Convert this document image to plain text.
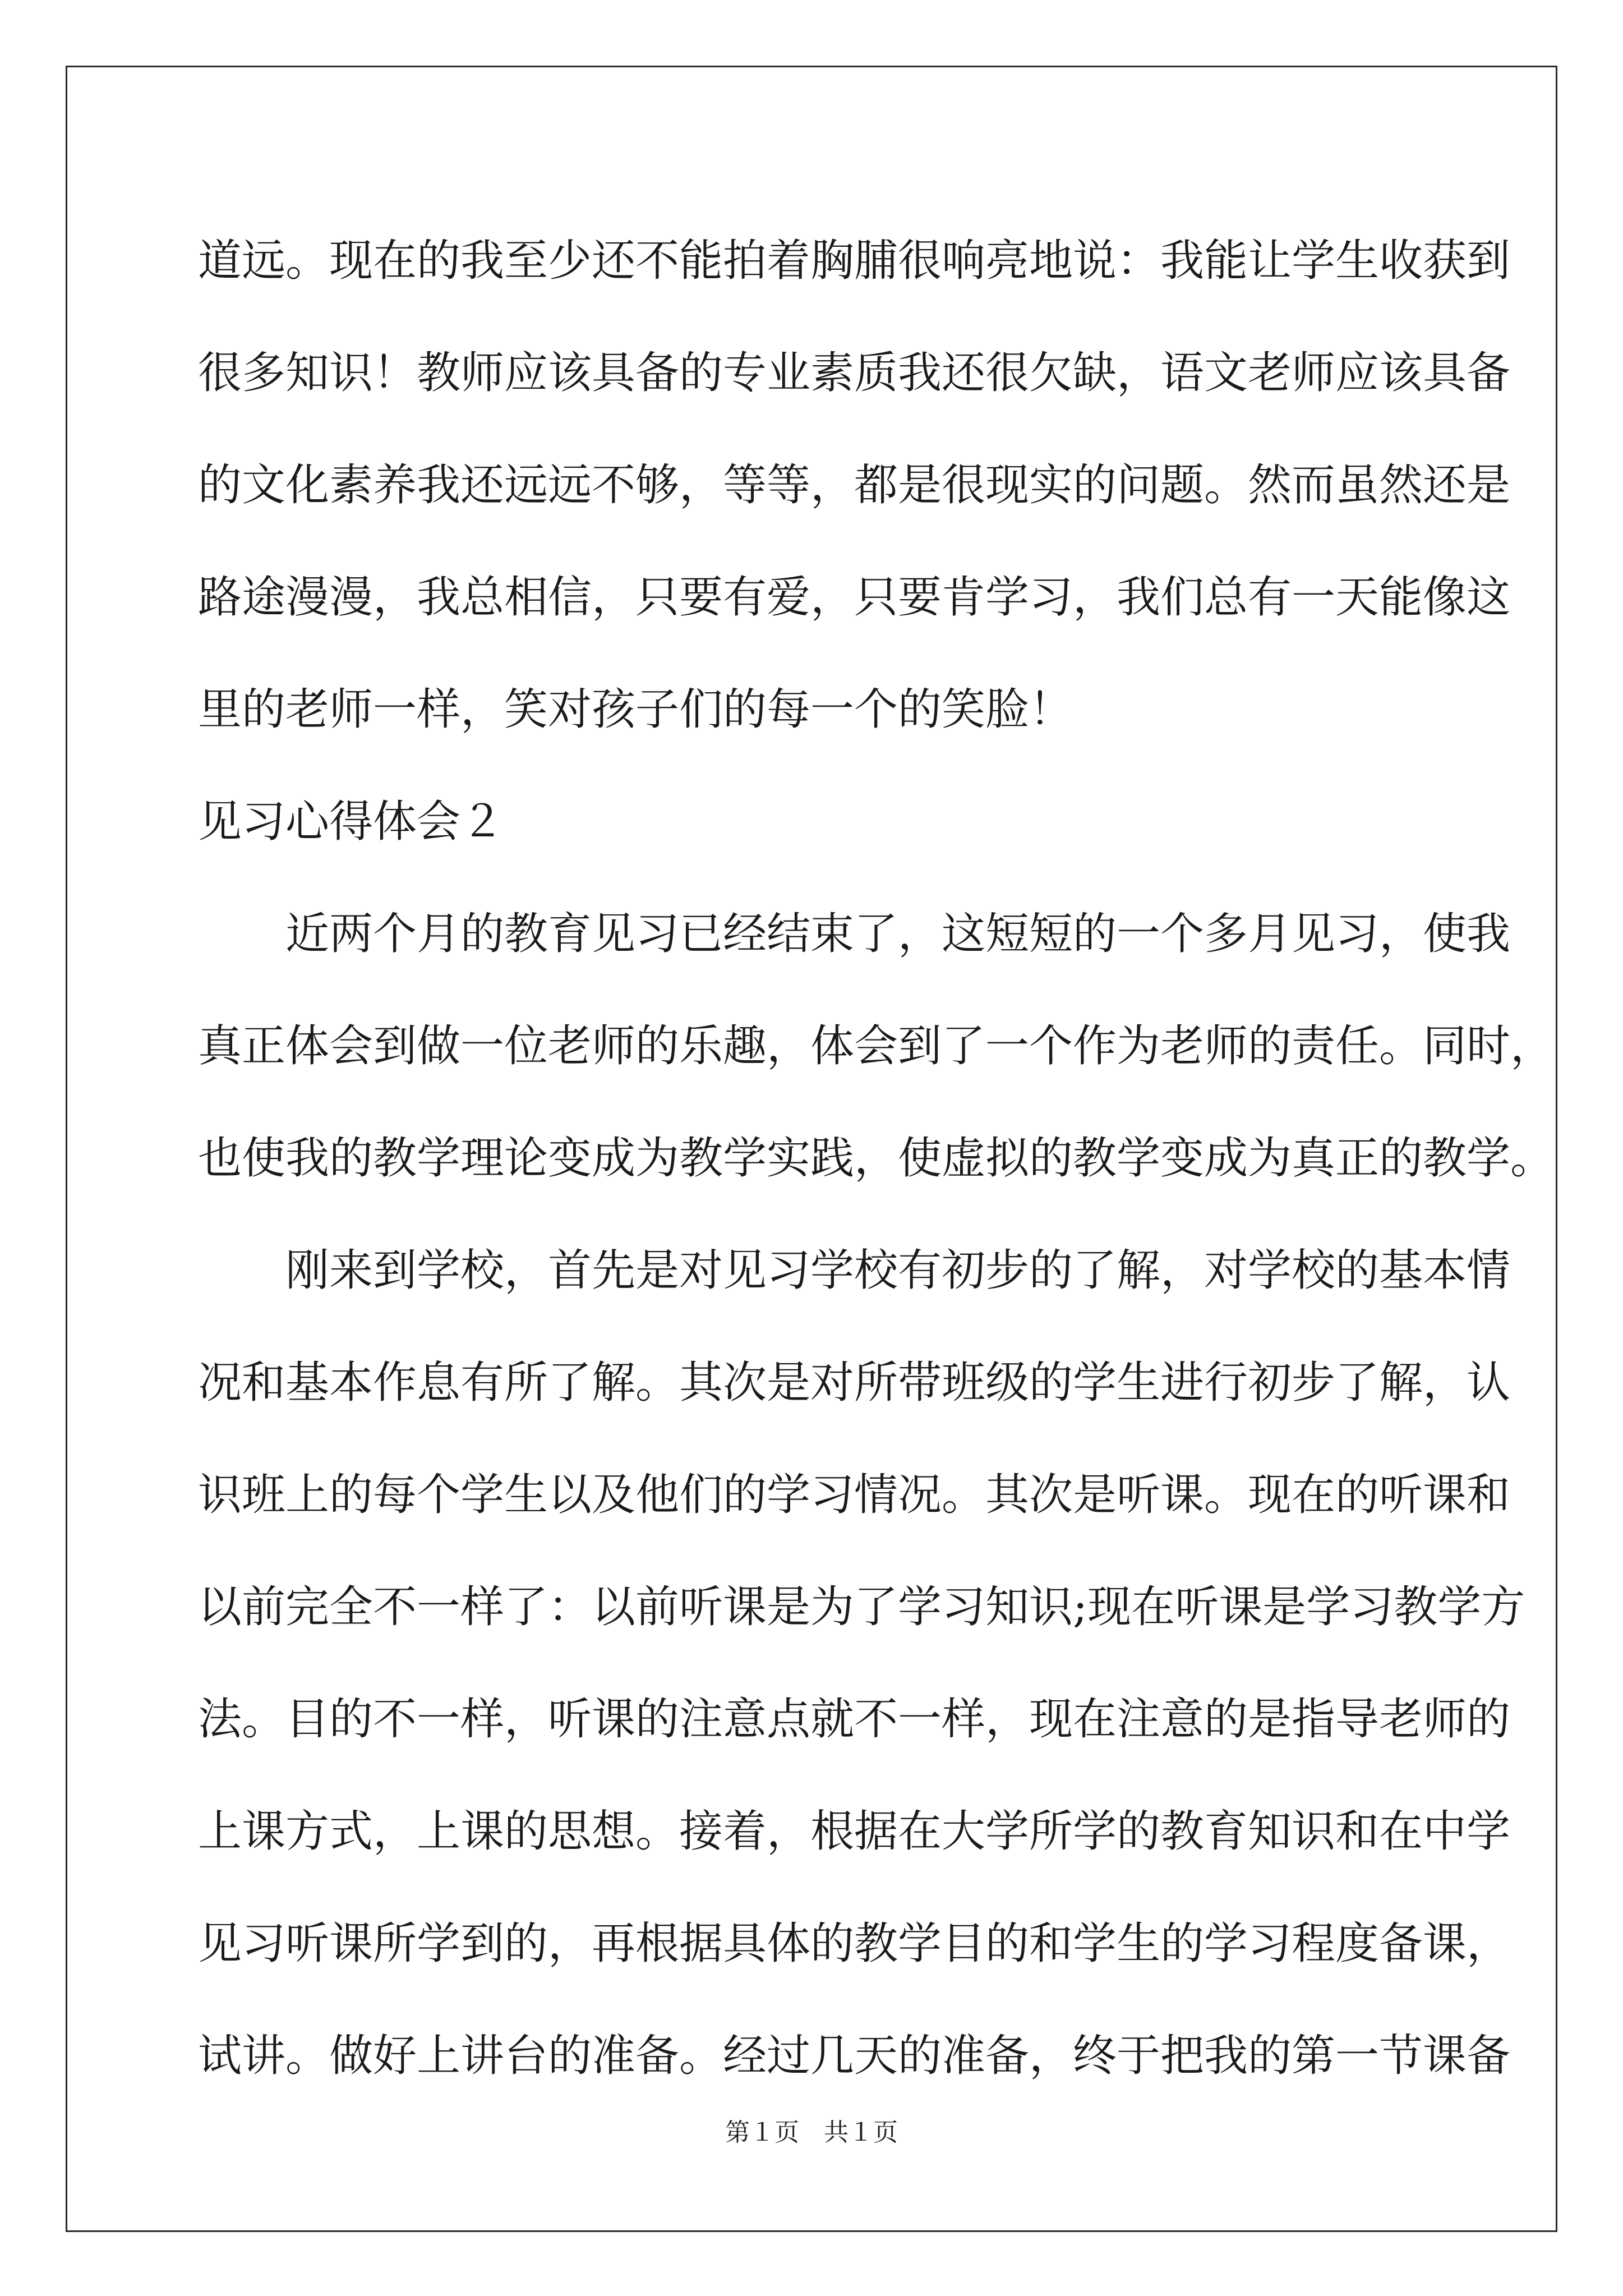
道远。现在的我至少还不能拍着胸脯很响亮地说：我能让学生收获到
很多知识！教师应该具备的专业素质我还很欠缺，语文老师应该具备
的文化素养我还远远不够，等等，都是很现实的问题。然而虽然还是
路途漫漫，我总相信，只要有爱，只要肯学习，我们总有一天能像这
里的老师一样，笑对孩子们的每一个的笑脸！
见习心得体会２
近两个月的教育见习已经结束了，这短短的一个多月见习，使我
真正体会到做一位老师的乐趣，体会到了一个作为老师的责任。同时，
也使我的教学理论变成为教学实践，使虚拟的教学变成为真正的教学。
刚来到学校，首先是对见习学校有初步的了解，对学校的基本情
况和基本作息有所了解。其次是对所带班级的学生进行初步了解，认
识班上的每个学生以及他们的学习情况。其次是听课。现在的听课和
以前完全不一样了：以前听课是为了学习知识;现在听课是学习教学方
法。目的不一样，听课的注意点就不一样，现在注意的是指导老师的
上课方式，上课的思想。接着，根据在大学所学的教育知识和在中学
见习听课所学到的，再根据具体的教学目的和学生的学习程度备课，
试讲。做好上讲台的准备。经过几天的准备，终于把我的第一节课备
第１页　共１页
